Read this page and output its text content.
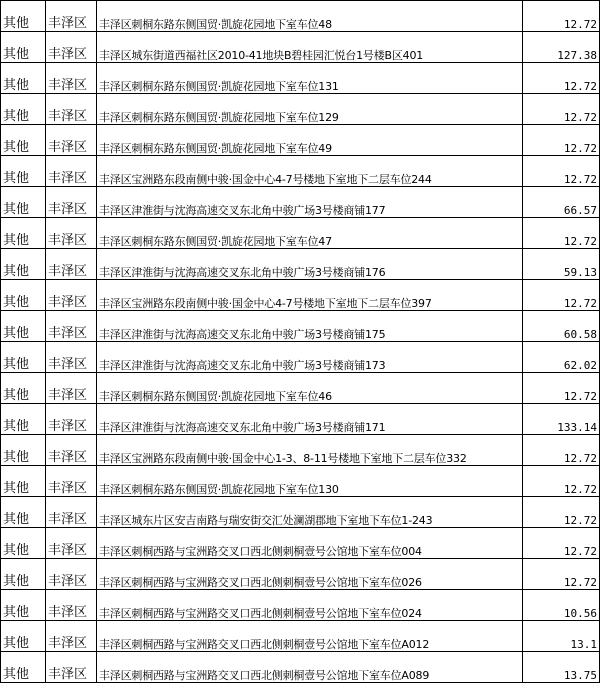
其他	丰泽区	丰泽区刺桐东路东侧国贸·凯旋花园地下室车位48	12.72
其他	丰泽区	丰泽区城东街道西福社区2010-41地块B碧桂园汇悦台1号楼B区401	127.38
其他	丰泽区	丰泽区刺桐东路东侧国贸·凯旋花园地下室车位131	12.72
其他	丰泽区	丰泽区刺桐东路东侧国贸·凯旋花园地下室车位129	12.72
其他	丰泽区	丰泽区刺桐东路东侧国贸·凯旋花园地下室车位49	12.72
其他	丰泽区	丰泽区宝洲路东段南侧中骏·国金中心4-7号楼地下室地下二层车位244	12.72
其他	丰泽区	丰泽区津淮街与沈海高速交叉东北角中骏广场3号楼商铺177	66.57
其他	丰泽区	丰泽区刺桐东路东侧国贸·凯旋花园地下室车位47	12.72
其他	丰泽区	丰泽区津淮街与沈海高速交叉东北角中骏广场3号楼商铺176	59.13
其他	丰泽区	丰泽区宝洲路东段南侧中骏·国金中心4-7号楼地下室地下二层车位397	12.72
其他	丰泽区	丰泽区津淮街与沈海高速交叉东北角中骏广场3号楼商铺175	60.58
其他	丰泽区	丰泽区津淮街与沈海高速交叉东北角中骏广场3号楼商铺173	62.02
其他	丰泽区	丰泽区刺桐东路东侧国贸·凯旋花园地下室车位46	12.72
其他	丰泽区	丰泽区津淮街与沈海高速交叉东北角中骏广场3号楼商铺171	133.14
其他	丰泽区	丰泽区宝洲路东段南侧中骏·国金中心1-3、8-11号楼地下室地下二层车位332	12.72
其他	丰泽区	丰泽区刺桐东路东侧国贸·凯旋花园地下室车位130	12.72
其他	丰泽区	丰泽区城东片区安吉南路与瑞安街交汇处澜湖郡地下室地下车位1-243	12.72
其他	丰泽区	丰泽区刺桐西路与宝洲路交叉口西北侧刺桐壹号公馆地下室车位004	12.72
其他	丰泽区	丰泽区刺桐西路与宝洲路交叉口西北侧刺桐壹号公馆地下室车位026	12.72
其他	丰泽区	丰泽区刺桐西路与宝洲路交叉口西北侧刺桐壹号公馆地下室车位024	10.56
其他	丰泽区	丰泽区刺桐西路与宝洲路交叉口西北侧刺桐壹号公馆地下室车位A012	13.1
其他	丰泽区	丰泽区刺桐西路与宝洲路交叉口西北侧刺桐壹号公馆地下室车位A089	13.75
